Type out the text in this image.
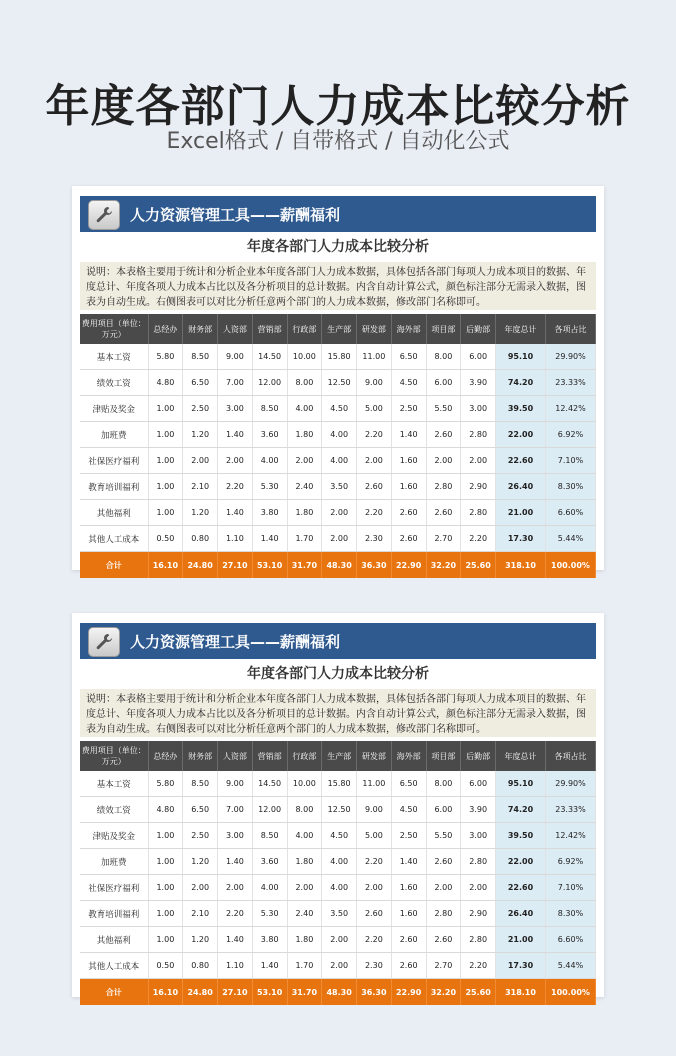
年度各部门人力成本比较分析
Excel格式 / 自带格式 / 自动化公式
人力资源管理工具——薪酬福利
年度各部门人力成本比较分析
说明：本表格主要用于统计和分析企业本年度各部门人力成本数据，具体包括各部门每项人力成本项目的数据、年度总计、年度各项人力成本占比以及各分析项目的总计数据。内含自动计算公式，颜色标注部分无需录入数据，图表为自动生成。右侧图表可以对比分析任意两个部门的人力成本数据，修改部门名称即可。
费用项目（单位：万元）	总经办	财务部	人资部	营销部	行政部	生产部	研发部	海外部	项目部	后勤部	年度总计	各项占比
基本工资	5.80	8.50	9.00	14.50	10.00	15.80	11.00	6.50	8.00	6.00	95.10	29.90%
绩效工资	4.80	6.50	7.00	12.00	8.00	12.50	9.00	4.50	6.00	3.90	74.20	23.33%
津贴及奖金	1.00	2.50	3.00	8.50	4.00	4.50	5.00	2.50	5.50	3.00	39.50	12.42%
加班费	1.00	1.20	1.40	3.60	1.80	4.00	2.20	1.40	2.60	2.80	22.00	6.92%
社保医疗福利	1.00	2.00	2.00	4.00	2.00	4.00	2.00	1.60	2.00	2.00	22.60	7.10%
教育培训福利	1.00	2.10	2.20	5.30	2.40	3.50	2.60	1.60	2.80	2.90	26.40	8.30%
其他福利	1.00	1.20	1.40	3.80	1.80	2.00	2.20	2.60	2.60	2.80	21.00	6.60%
其他人工成本	0.50	0.80	1.10	1.40	1.70	2.00	2.30	2.60	2.70	2.20	17.30	5.44%
合计	16.10	24.80	27.10	53.10	31.70	48.30	36.30	22.90	32.20	25.60	318.10	100.00%
人力资源管理工具——薪酬福利
年度各部门人力成本比较分析
说明：本表格主要用于统计和分析企业本年度各部门人力成本数据，具体包括各部门每项人力成本项目的数据、年度总计、年度各项人力成本占比以及各分析项目的总计数据。内含自动计算公式，颜色标注部分无需录入数据，图表为自动生成。右侧图表可以对比分析任意两个部门的人力成本数据，修改部门名称即可。
费用项目（单位：万元）	总经办	财务部	人资部	营销部	行政部	生产部	研发部	海外部	项目部	后勤部	年度总计	各项占比
基本工资	5.80	8.50	9.00	14.50	10.00	15.80	11.00	6.50	8.00	6.00	95.10	29.90%
绩效工资	4.80	6.50	7.00	12.00	8.00	12.50	9.00	4.50	6.00	3.90	74.20	23.33%
津贴及奖金	1.00	2.50	3.00	8.50	4.00	4.50	5.00	2.50	5.50	3.00	39.50	12.42%
加班费	1.00	1.20	1.40	3.60	1.80	4.00	2.20	1.40	2.60	2.80	22.00	6.92%
社保医疗福利	1.00	2.00	2.00	4.00	2.00	4.00	2.00	1.60	2.00	2.00	22.60	7.10%
教育培训福利	1.00	2.10	2.20	5.30	2.40	3.50	2.60	1.60	2.80	2.90	26.40	8.30%
其他福利	1.00	1.20	1.40	3.80	1.80	2.00	2.20	2.60	2.60	2.80	21.00	6.60%
其他人工成本	0.50	0.80	1.10	1.40	1.70	2.00	2.30	2.60	2.70	2.20	17.30	5.44%
合计	16.10	24.80	27.10	53.10	31.70	48.30	36.30	22.90	32.20	25.60	318.10	100.00%
